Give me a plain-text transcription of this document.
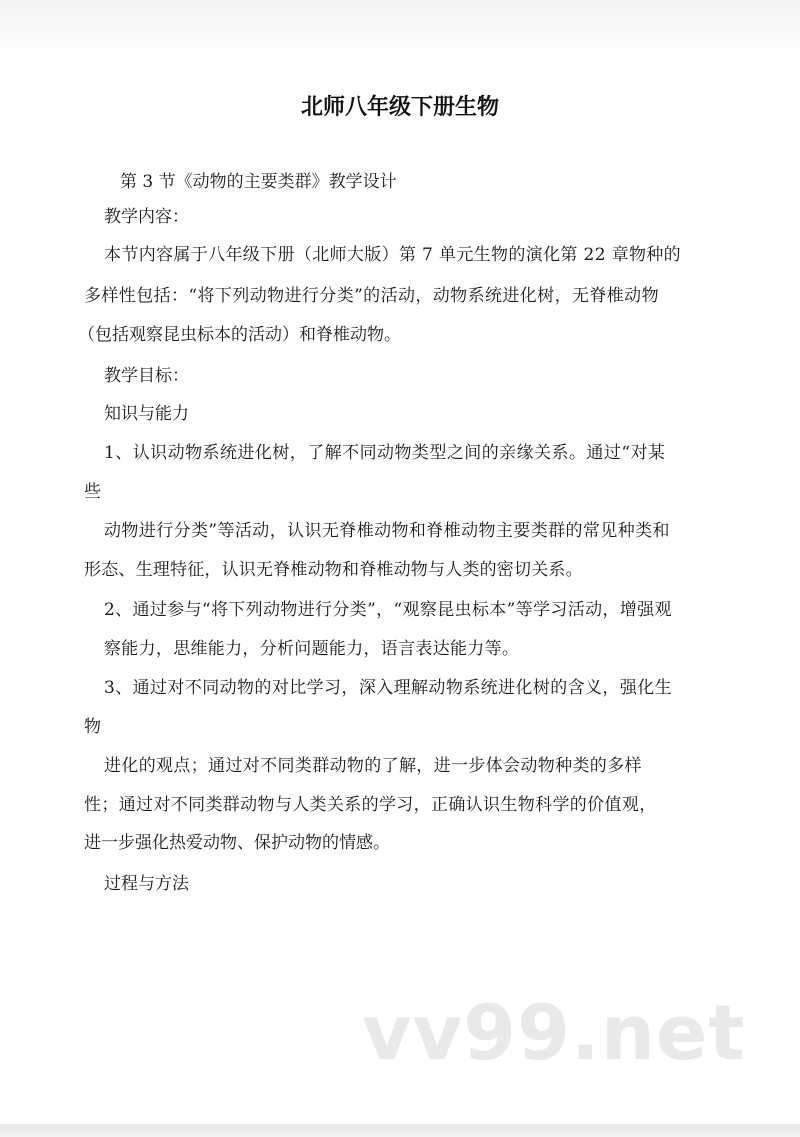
北师八年级下册生物

第 3 节《动物的主要类群》教学设计

教学内容：

本节内容属于八年级下册（北师大版）第 7 单元生物的演化第 22 章物种的

多样性包括：“将下列动物进行分类”的活动，动物系统进化树，无脊椎动物

（包括观察昆虫标本的活动）和脊椎动物。

教学目标：

知识与能力

1、认识动物系统进化树，了解不同动物类型之间的亲缘关系。通过“对某

些

动物进行分类”等活动，认识无脊椎动物和脊椎动物主要类群的常见种类和

形态、生理特征，认识无脊椎动物和脊椎动物与人类的密切关系。

2、通过参与“将下列动物进行分类”，“观察昆虫标本”等学习活动，增强观

察能力，思维能力，分析问题能力，语言表达能力等。

3、通过对不同动物的对比学习，深入理解动物系统进化树的含义，强化生

物

进化的观点；通过对不同类群动物的了解，进一步体会动物种类的多样

性；通过对不同类群动物与人类关系的学习，正确认识生物科学的价值观，

进一步强化热爱动物、保护动物的情感。

过程与方法

vv99.net
